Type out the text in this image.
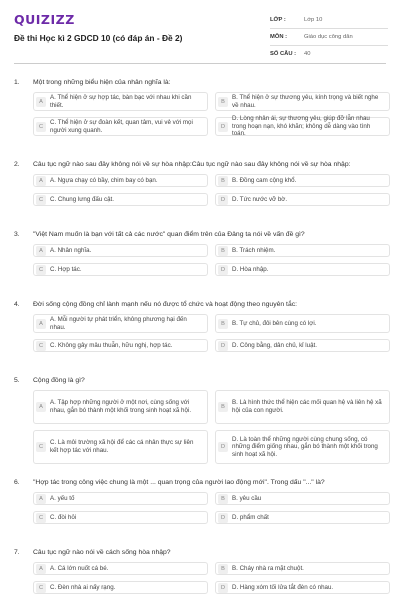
QUIZIZZ
Đề thi Học kì 2 GDCD 10 (có đáp án - Đề 2)
LỚP :	Lớp 10
MÔN :	Giáo dục công dân
SỐ CÂU :	40
1.	Một trong những biểu hiện của nhân nghĩa là:
A
A. Thể hiện ở sự hợp tác, bàn bạc với nhau khi cần thiết.	B
B. Thể hiện ở sự thương yêu, kính trọng và biết nghe về nhau.
C
C. Thể hiện ở sự đoàn kết, quan tâm, vui vẻ với mọi người xung quanh.	D
D. Lòng nhân ái, sự thương yêu, giúp đỡ lẫn nhau trong hoạn nạn, khó khăn; không dễ dàng vào tình toán.
2.	Câu tục ngữ nào sau đây không nói về sự hòa nhập:Câu tục ngữ nào sau đây không nói về sự hòa nhập:
A	A. Ngựa chạy có bầy, chim bay có bạn.	B	B. Đồng cam cộng khổ.
C	C. Chung lưng đấu cật.	D	D. Tức nước vỡ bờ.
3.	"Việt Nam muốn là bạn với tất cả các nước" quan điểm trên của Đảng ta nói về vấn đề gì?
A	A. Nhân nghĩa.	B	B. Trách nhiệm.
C	C. Hợp tác.	D	D. Hòa nhập.
4.	Đời sống cộng đồng chỉ lành mạnh nếu nó được tổ chức và hoạt động theo nguyên tắc:
A
A. Mỗi người tự phát triển, không phương hại đến nhau.	B	B. Tự chủ, đôi bên cùng có lợi.
C	C. Không gây mâu thuẫn, hữu nghị, hợp tác.	D	D. Công bằng, dân chủ, kỉ luật.
5.	Cộng đồng là gì?
A
A. Tập hợp những người ở một nơi, cùng sống với nhau, gắn bó thành một khối trong sinh hoạt xã hội.	B
B. Là hình thức thể hiện các mối quan hệ và liên hệ xã hội của con người.
C
C. Là môi trường xã hội để các cá nhân thực sự liên kết hợp tác với nhau.	D
D. Là toàn thể những người cùng chung sống, có những điểm giống nhau, gắn bó thành một khối trong sinh hoạt xã hội.
6.	"Hợp tác trong công việc chung là một ... quan trọng của người lao động mới". Trong dấu "..." là?
A	A. yếu tố	B	B. yêu cầu
C	C. đòi hỏi	D	D. phẩm chất
7.	Câu tục ngữ nào nói về cách sống hòa nhập?
A	A. Cá lớn nuốt cá bé.	B	B. Cháy nhà ra mặt chuột.
C	C. Đèn nhà ai nấy rạng.	D	D. Hàng xóm tối lửa tắt đèn có nhau.
